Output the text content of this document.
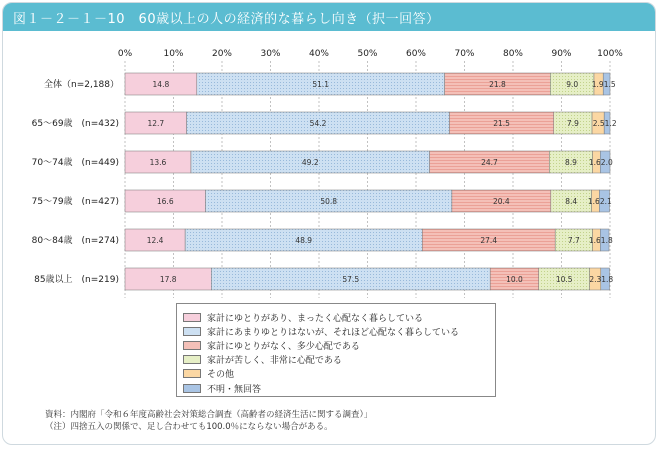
図１－２－１－10　60歳以上の人の経済的な暮らし向き（択一回答）
0%	10%	20%	30%	40%	50%	60%	70%	80%	90%	100%
全体（n=2,188）	14.8	51.1	21.8	9.0 1.9 1.5
65～69歳　(n=432)	12.7	54.2	21.5	7.9 2.5 1.2
70～74歳　(n=449)	13.6	49.2	24.7	8.9 1.6 2.0
75～79歳　(n=427)	16.6	50.8	20.4	8.4 1.6 2.1
80～84歳　(n=274)	12.4	48.9	27.4	7.7 1.6 1.8
85歳以上　(n=219)	17.8	57.5	10.0	10.5 2.3 1.8
家計にゆとりがあり、まったく心配なく暮らしている
家計にあまりゆとりはないが、それほど心配なく暮らしている
家計にゆとりがなく、多少心配である
家計が苦しく、非常に心配である
その他
不明・無回答
資料：内閣府「令和６年度高齢社会対策総合調査（高齢者の経済生活に関する調査）」
（注）四捨五入の関係で、足し合わせても100.0％にならない場合がある。
